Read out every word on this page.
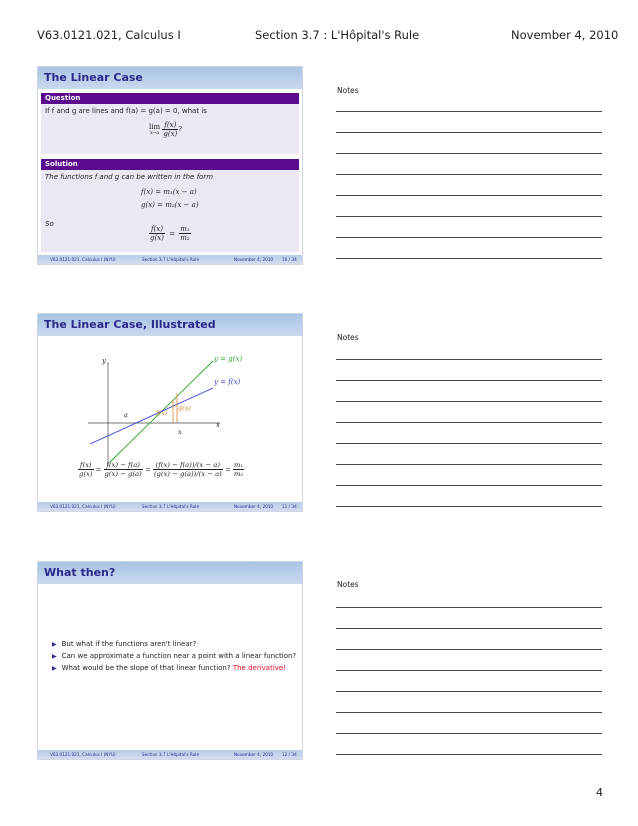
V63.0121.021, Calculus I	Section 3.7 : L'Hôpital's Rule	November 4, 2010
The Linear Case
Question
If f and g are lines and f(a) = g(a) = 0, what is
lim
x→a
$\frac{f(x)}{g(x)}$ ?
Solution
The functions f and g can be written in the form
f(x) = m₁(x − a)
g(x) = m₂(x − a)
So
$\frac{f(x)}{g(x)} = \frac{\text{m₁}}{\text{m₂}}$
V63.0121.021, Calculus I (NYU)	Section 3.7 L'Hôpital's Rule	November 4, 2010 10 / 34
The Linear Case, Illustrated
y
x
a
x
f(x)
g(x)
y = g(x)
y = f(x)
$\frac{f(x)}{g(x)} = \frac{f(x) - f(a)}{g(x) - g(a)} = \frac{(f(x) - f(a))/(x - a)}{(g(x) - g(a))/(x - a)} = \frac{\text{m₁}}{\text{m₂}}$
V63.0121.021, Calculus I (NYU)	Section 3.7 L'Hôpital's Rule	November 4, 2010 11 / 34
What then?
▶ But what if the functions aren't linear?
▶ Can we approximate a function near a point with a linear function?
▶ What would be the slope of that linear function? The derivative!
V63.0121.021, Calculus I (NYU)	Section 3.7 L'Hôpital's Rule	November 4, 2010 12 / 34
Notes
Notes
Notes
4
